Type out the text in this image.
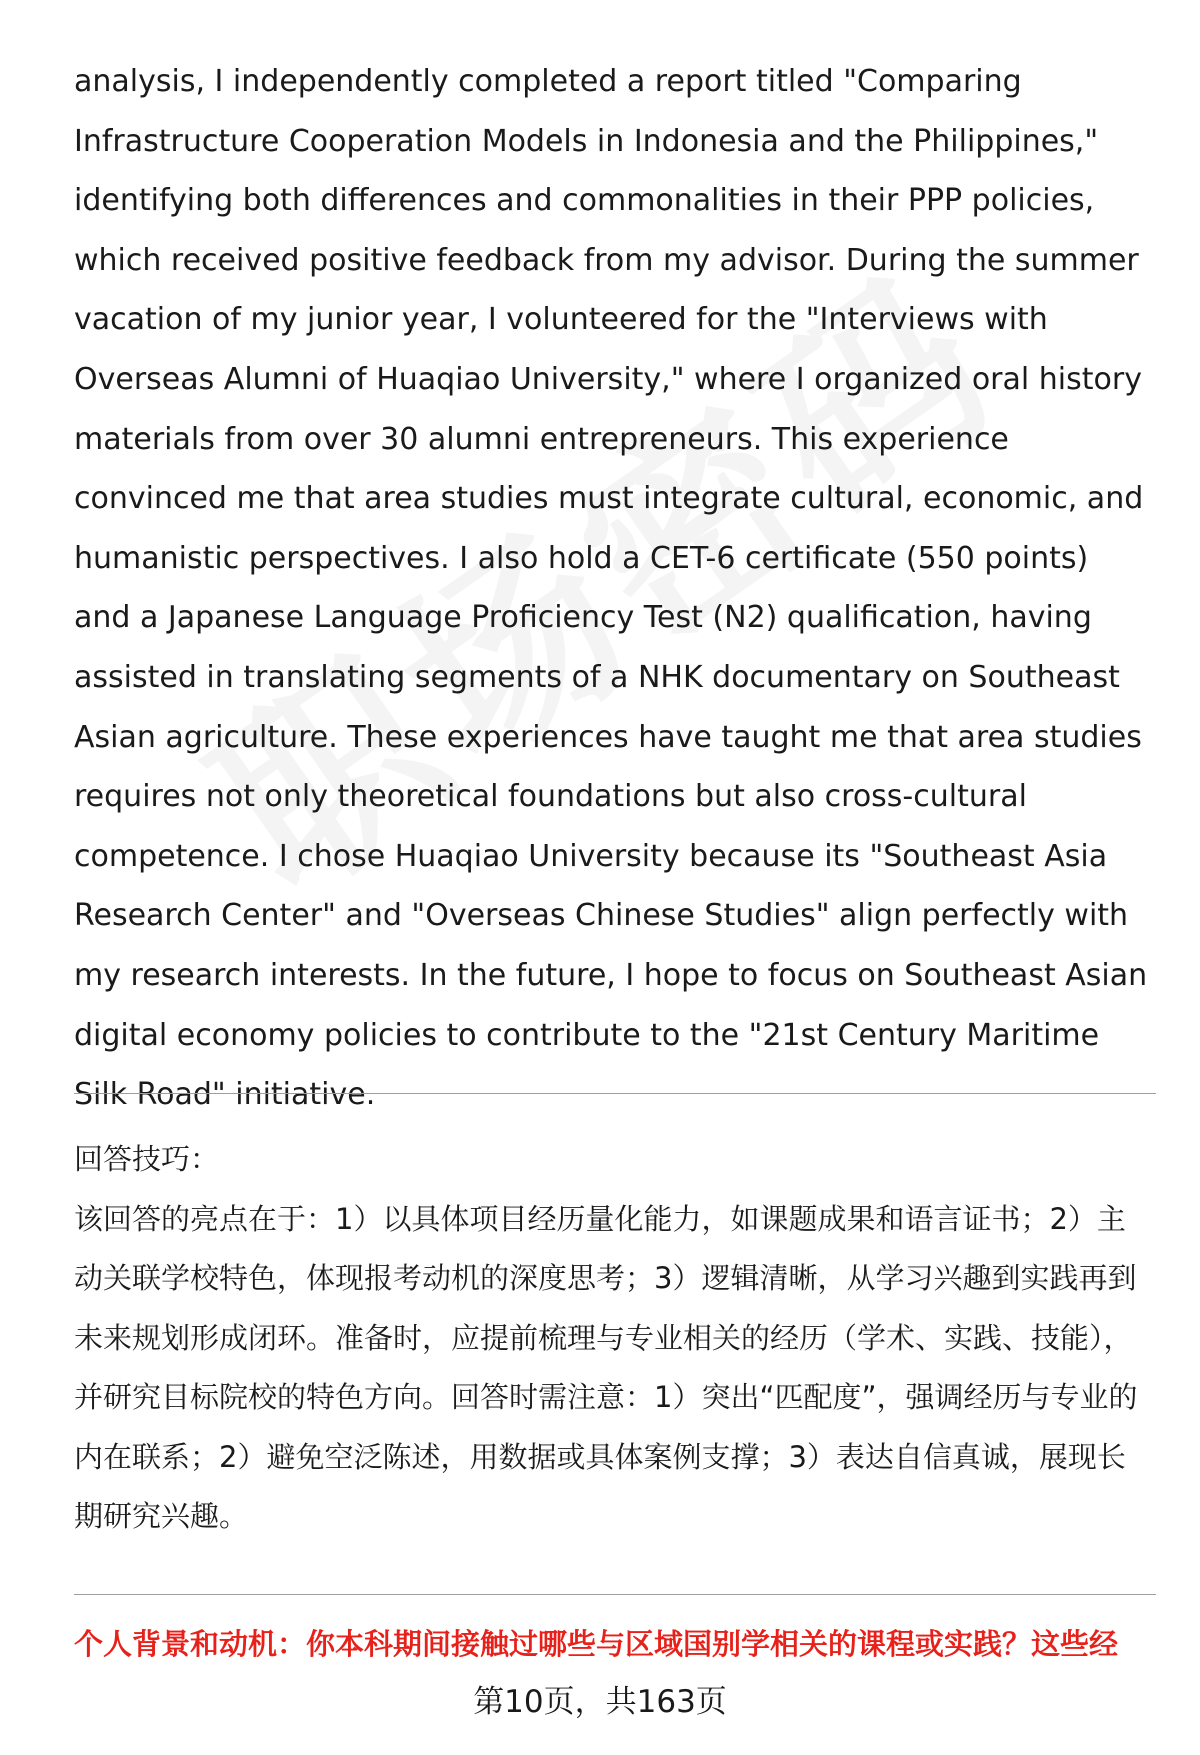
analysis, I independently completed a report titled "Comparing Infrastructure Cooperation Models in Indonesia and the Philippines," identifying both differences and commonalities in their PPP policies, which received positive feedback from my advisor. During the summer vacation of my junior year, I volunteered for the "Interviews with Overseas Alumni of Huaqiao University," where I organized oral history materials from over 30 alumni entrepreneurs. This experience convinced me that area studies must integrate cultural, economic, and humanistic perspectives. I also hold a CET-6 certificate (550 points) and a Japanese Language Proficiency Test (N2) qualification, having assisted in translating segments of a NHK documentary on Southeast Asian agriculture. These experiences have taught me that area studies requires not only theoretical foundations but also cross-cultural competence. I chose Huaqiao University because its "Southeast Asia Research Center" and "Overseas Chinese Studies" align perfectly with my research interests. In the future, I hope to focus on Southeast Asian digital economy policies to contribute to the "21st Century Maritime Silk Road" initiative.

回答技巧：

该回答的亮点在于：1）以具体项目经历量化能力，如课题成果和语言证书；2）主动关联学校特色，体现报考动机的深度思考；3）逻辑清晰，从学习兴趣到实践再到未来规划形成闭环。准备时，应提前梳理与专业相关的经历（学术、实践、技能），并研究目标院校的特色方向。回答时需注意：1）突出“匹配度”，强调经历与专业的内在联系；2）避免空泛陈述，用数据或具体案例支撑；3）表达自信真诚，展现长期研究兴趣。

个人背景和动机：你本科期间接触过哪些与区域国别学相关的课程或实践？这些经
第10页，共163页
